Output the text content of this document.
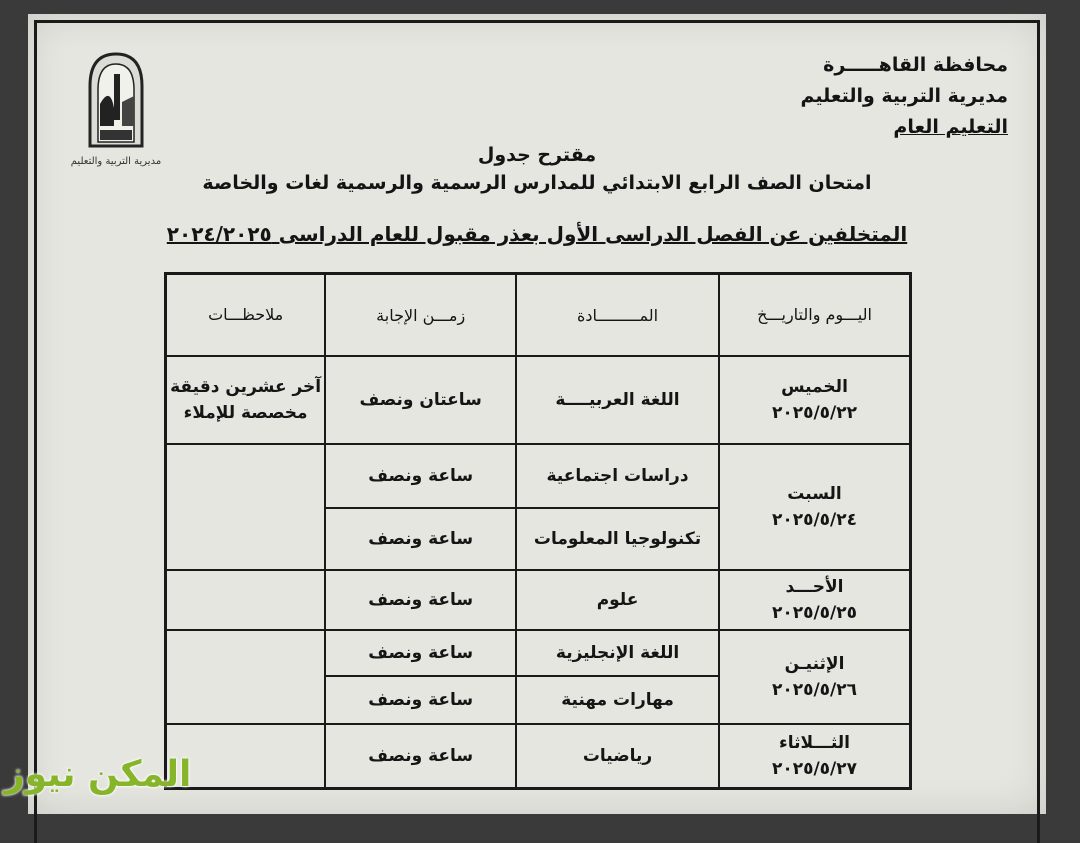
مديرية التربية والتعليم
محافظة القاهـــــرة
مديرية التربية والتعليم
التعليم العام
مقترح جدول
امتحان الصف الرابع الابتدائي للمدارس الرسمية والرسمية لغات والخاصة
المتخلفين عن الفصل الدراسى الأول بعذر مقبول للعام الدراسى ٢٠٢٤/٢٠٢٥
اليـــوم والتاريـــخ	المـــــــــادة	زمـــن الإجابة	ملاحظـــات

الخميس
٢٠٢٥/٥/٢٢	اللغة العربيــــة	ساعتان ونصف	آخر عشرين دقيقة مخصصة للإملاء

السبت
٢٠٢٥/٥/٢٤	دراسات اجتماعية	ساعة ونصف	
	تكنولوجيا المعلومات	ساعة ونصف	

الأحـــد
٢٠٢٥/٥/٢٥	علوم	ساعة ونصف	

الإثنيـن
٢٠٢٥/٥/٢٦	اللغة الإنجليزية	ساعة ونصف	
	مهارات مهنية	ساعة ونصف	

الثـــلاثاء
٢٠٢٥/٥/٢٧	رياضيات	ساعة ونصف	
المكن نيوز
